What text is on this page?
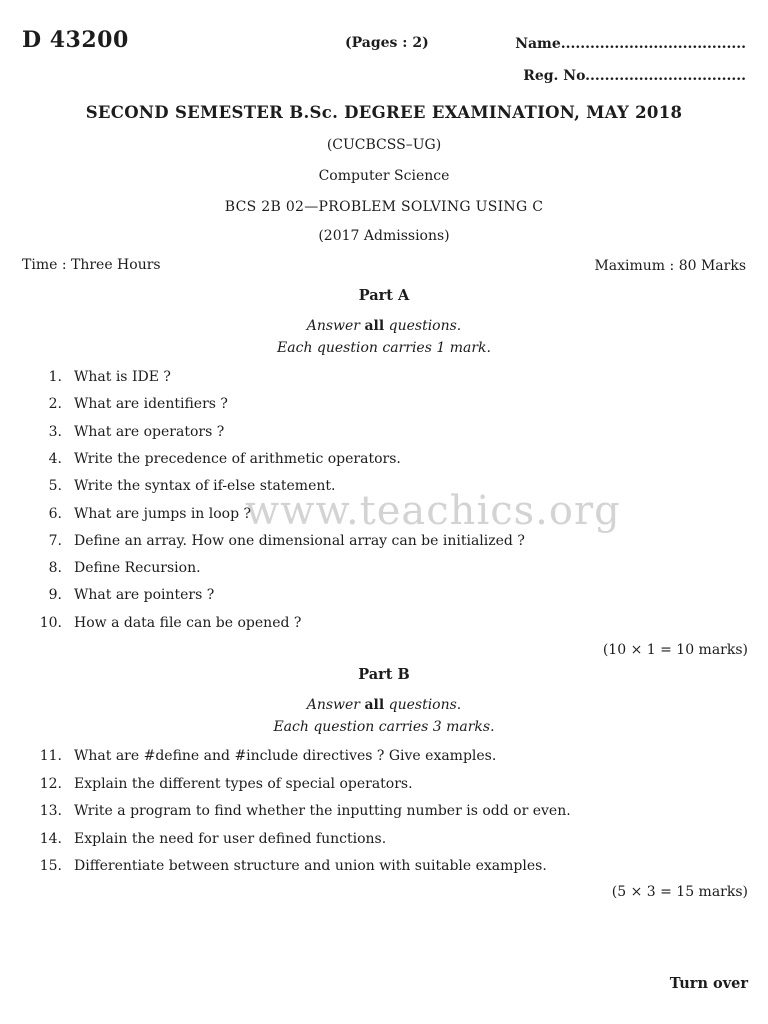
D 43200	(Pages : 2)	Name......................................
Reg. No.................................
SECOND SEMESTER B.Sc. DEGREE EXAMINATION, MAY 2018
(CUCBCSS–UG)
Computer Science
BCS 2B 02—PROBLEM SOLVING USING C
(2017 Admissions)
Time : Three Hours	Maximum : 80 Marks
Part A
Answer all questions.
Each question carries 1 mark.
1. What is IDE ?
2. What are identifiers ?
3. What are operators ?
4. Write the precedence of arithmetic operators.
5. Write the syntax of if-else statement.
6. What are jumps in loop ?
7. Define an array. How one dimensional array can be initialized ?
8. Define Recursion.
9. What are pointers ?
10. How a data file can be opened ?
(10 × 1 = 10 marks)
Part B
Answer all questions.
Each question carries 3 marks.
11. What are #define and #include directives ? Give examples.
12. Explain the different types of special operators.
13. Write a program to find whether the inputting number is odd or even.
14. Explain the need for user defined functions.
15. Differentiate between structure and union with suitable examples.
(5 × 3 = 15 marks)
Turn over
www.teachics.org
